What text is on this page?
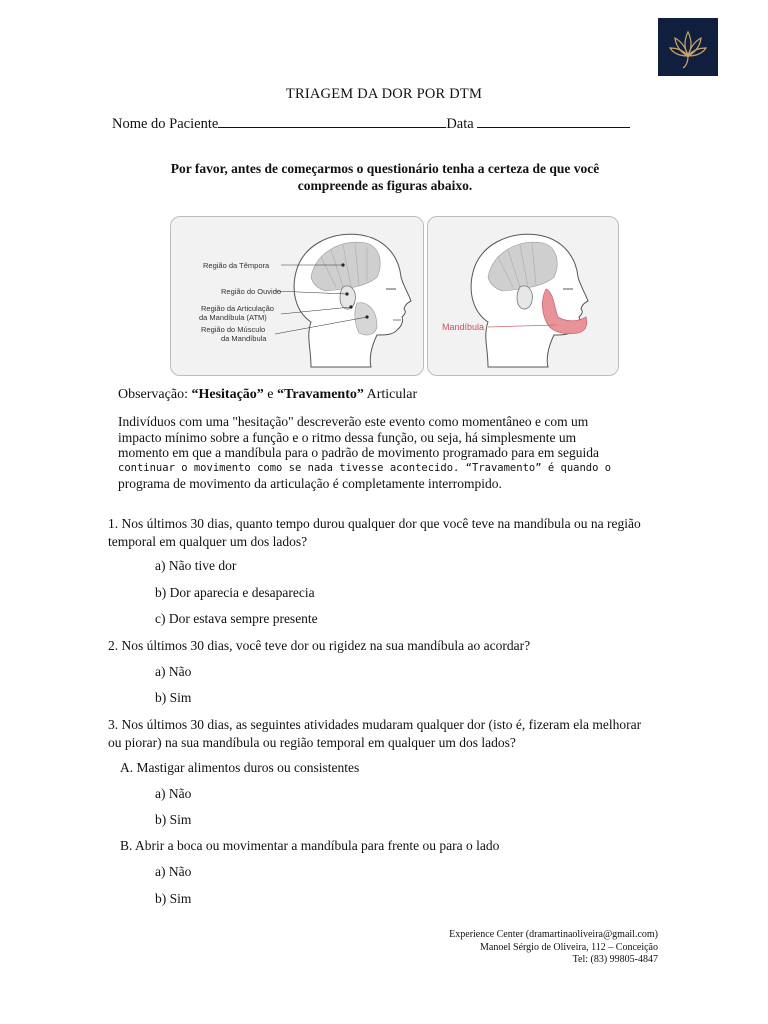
TRIAGEM DA DOR POR DTM
Nome do Paciente	Data
Por favor, antes de começarmos o questionário tenha a certeza de que você
compreende as figuras abaixo.
Região da Têmpora
Região do Ouvido
Região da Articulação
da Mandíbula (ATM)
Região do Músculo
da Mandíbula
Mandíbula
Observação: “Hesitação” e “Travamento” Articular
Indivíduos com uma "hesitação" descreverão este evento como momentâneo e com um
impacto mínimo sobre a função e o ritmo dessa função, ou seja, há simplesmente um
momento em que a mandíbula para o padrão de movimento programado para em seguida
continuar o movimento como se nada tivesse acontecido. “Travamento” é quando o
programa de movimento da articulação é completamente interrompido.
1. Nos últimos 30 dias, quanto tempo durou qualquer dor que você teve na mandíbula ou na região
temporal em qualquer um dos lados?
a) Não tive dor
b) Dor aparecia e desaparecia
c) Dor estava sempre presente
2. Nos últimos 30 dias, você teve dor ou rigidez na sua mandíbula ao acordar?
a) Não
b) Sim
3. Nos últimos 30 dias, as seguintes atividades mudaram qualquer dor (isto é, fizeram ela melhorar
ou piorar) na sua mandíbula ou região temporal em qualquer um dos lados?
A. Mastigar alimentos duros ou consistentes
a) Não
b) Sim
B. Abrir a boca ou movimentar a mandíbula para frente ou para o lado
a) Não
b) Sim
Experience Center (dramartinaoliveira@gmail.com)
Manoel Sérgio de Oliveira, 112 – Conceição
Tel: (83) 99805-4847
